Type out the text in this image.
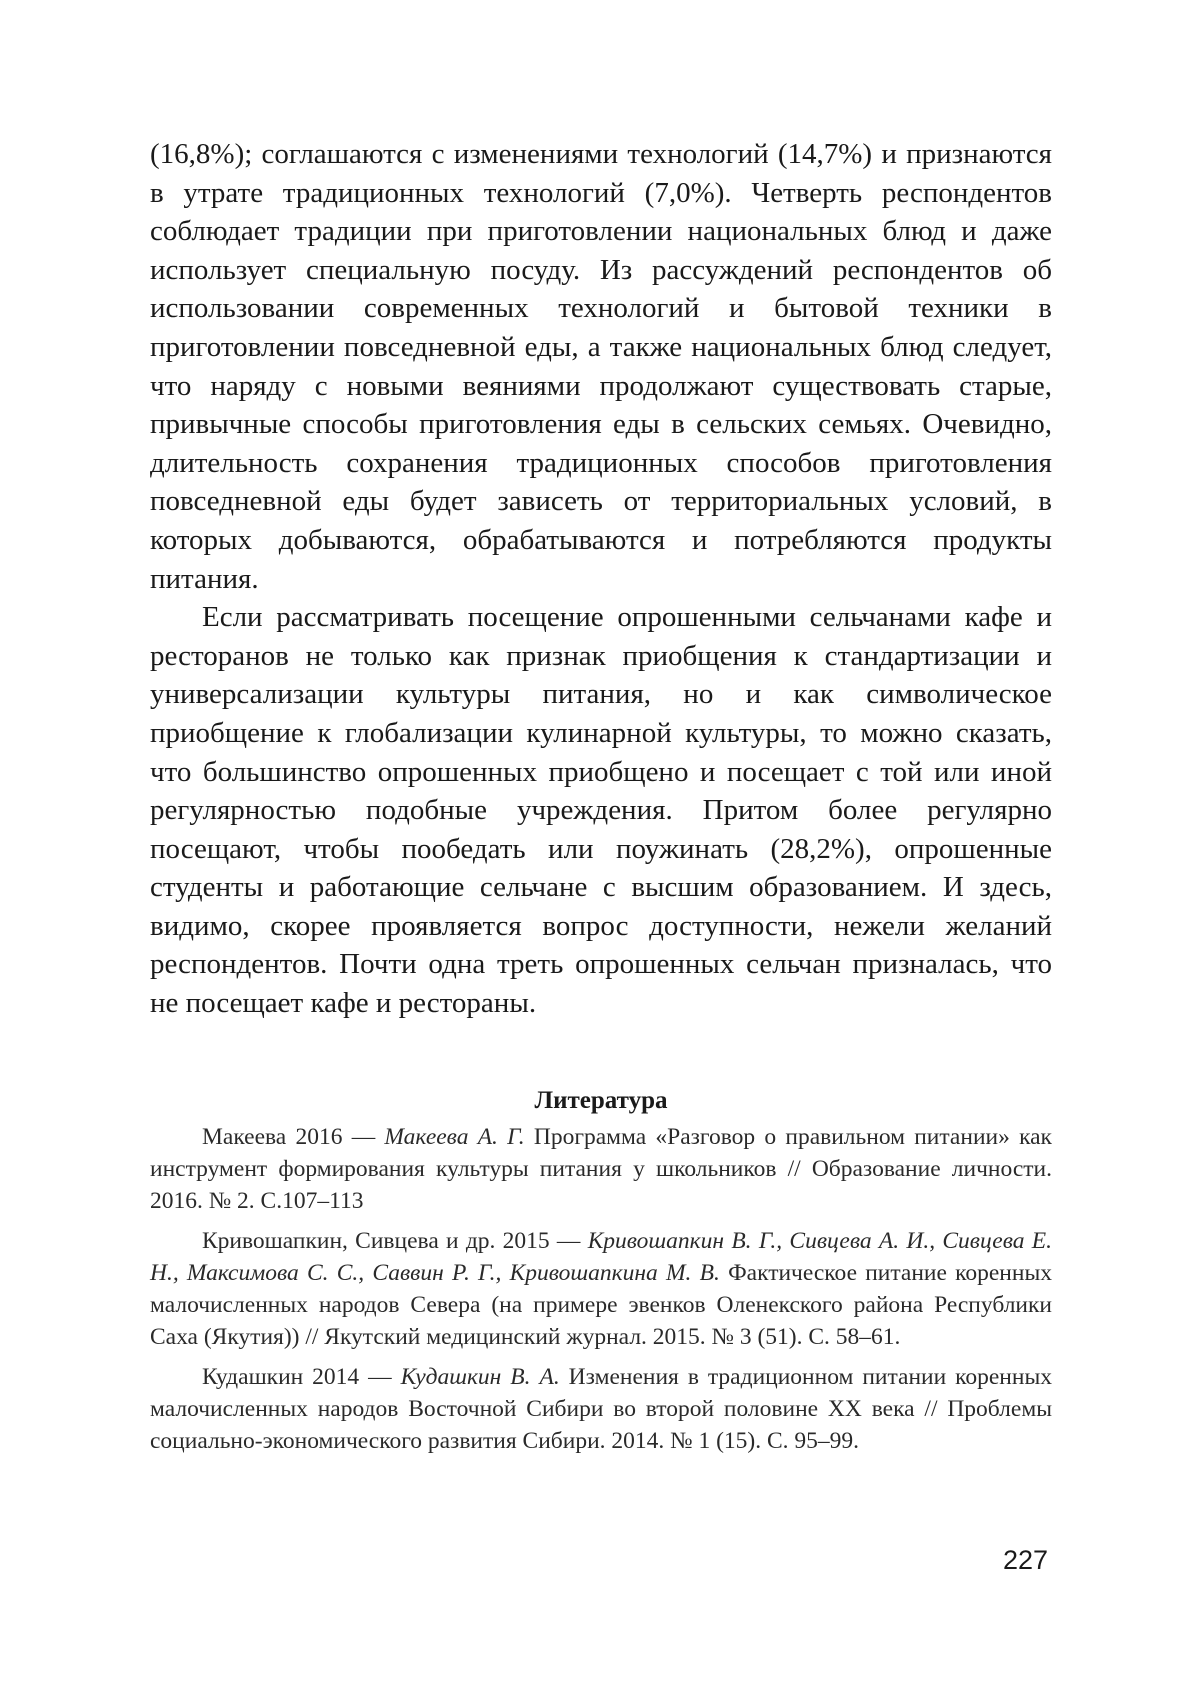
(16,8%); соглашаются с изменениями технологий (14,7%) и признаются в утрате традиционных технологий (7,0%). Четверть респондентов соблюдает традиции при приготовлении национальных блюд и даже использует специальную посуду. Из рассуждений респондентов об использовании современных технологий и бытовой техники в приготовлении повседневной еды, а также национальных блюд следует, что наряду с новыми веяниями продолжают существовать старые, привычные способы приготовления еды в сельских семьях. Очевидно, длительность сохранения традиционных способов приготовления повседневной еды будет зависеть от территориальных условий, в которых добываются, обрабатываются и потребляются продукты питания.

Если рассматривать посещение опрошенными сельчанами кафе и ресторанов не только как признак приобщения к стандартизации и универсализации культуры питания, но и как символическое приобщение к глобализации кулинарной культуры, то можно сказать, что большинство опрошенных приобщено и посещает с той или иной регулярностью подобные учреждения. Притом более регулярно посещают, чтобы пообедать или поужинать (28,2%), опрошенные студенты и работающие сельчане с высшим образованием. И здесь, видимо, скорее проявляется вопрос доступности, нежели желаний респондентов. Почти одна треть опрошенных сельчан призналась, что не посещает кафе и рестораны.

Литература

Макеева 2016 — Макеева А. Г. Программа «Разговор о правильном питании» как инструмент формирования культуры питания у школьников // Образование личности. 2016. № 2. С.107–113

Кривошапкин, Сивцева и др. 2015 — Кривошапкин В. Г., Сивцева А. И., Сивцева Е. Н., Максимова С. С., Саввин Р. Г., Кривошапкина М. В. Фактическое питание коренных малочисленных народов Севера (на примере эвенков Оленекского района Республики Саха (Якутия)) // Якутский медицинский журнал. 2015. № 3 (51). С. 58–61.

Кудашкин 2014 — Кудашкин В. А. Изменения в традиционном питании коренных малочисленных народов Восточной Сибири во второй половине XX века // Проблемы социально-экономического развития Сибири. 2014. № 1 (15). С. 95–99.

227
